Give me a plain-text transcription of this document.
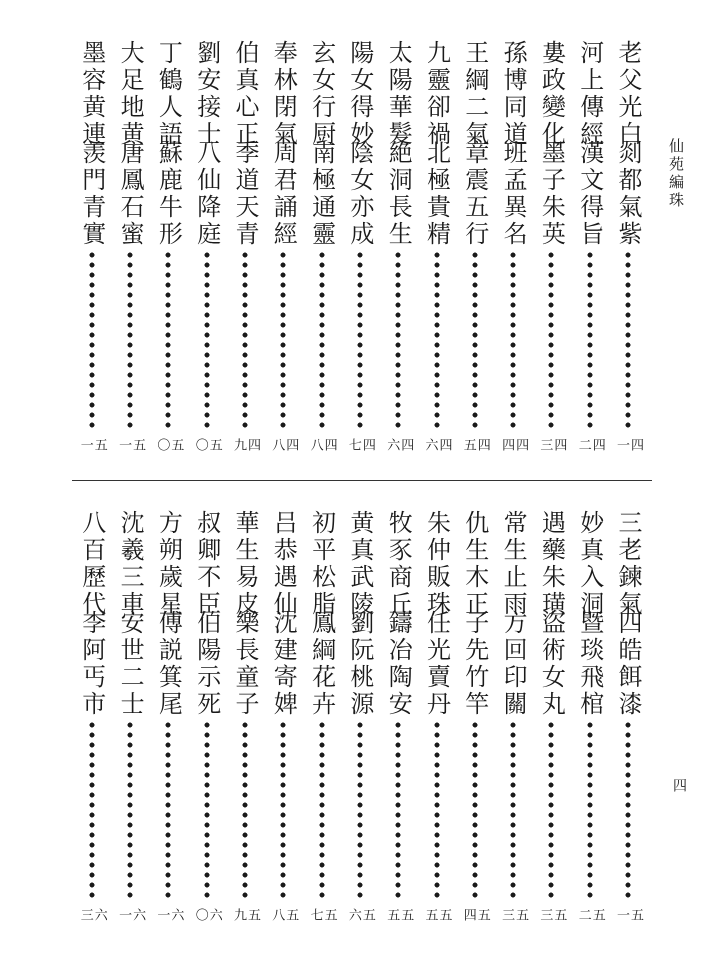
仙苑編珠
四
老父光白
剡都氣紫
四一
河上傳經
漢文得旨
四二
婁政變化
墨子朱英
四三
孫博同道
班孟異名
四四
王綱二氣
章震五行
四五
九靈卻禍
北極貴精
四六
太陽華髮
絶洞長生
四六
陽女得妙
陰女亦成
四七
玄女行厨
南極通靈
四八
奉林閉氣
周君誦經
四八
伯真心正
季道天青
四九
劉安接士
八仙降庭
五〇
丁鶴人語
蘇鹿牛形
五〇
大足地黄
唐鳳石蜜
五一
墨容黄連
羡門青實
五一
三老鍊氣
四皓餌漆
五一
妙真入洞
暨琰飛棺
五二
遇藥朱璜
盜術女丸
五三
常生止雨
方回印關
五三
仇生木正
子先竹竿
五四
朱仲販珠
任光賣丹
五五
牧豕商丘
鑄冶陶安
五五
黄真武陵
劉阮桃源
五六
初平松脂
鳳綱花卉
五七
吕恭遇仙
沈建寄婢
五八
華生易皮
樂長童子
五九
叔卿不臣
伯陽示死
六〇
方朔歲星
傅説箕尾
六一
沈羲三車
安世二士
六一
八百歷代
李阿丐市
六三
